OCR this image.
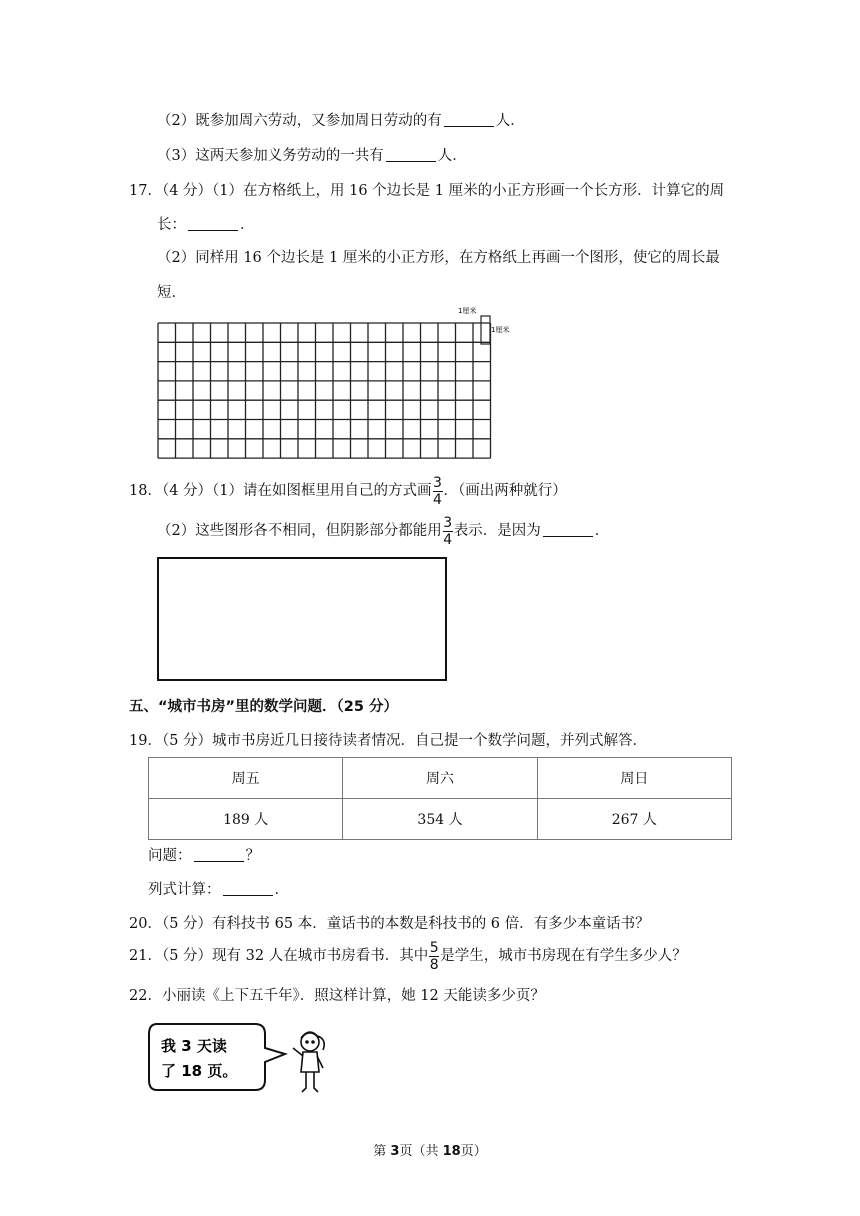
（2）既参加周六劳动，又参加周日劳动的有	人．
（3）这两天参加义务劳动的一共有	人．
17．（4 分）（1）在方格纸上，用 16 个边长是 1 厘米的小正方形画一个长方形．计算它的周
长：	．
（2）同样用 16 个边长是 1 厘米的小正方形，在方格纸上再画一个图形，使它的周长最
短．
1厘米
1厘米
18．（4 分）（1）请在如图框里用自己的方式画 $\frac{3}{4}$ ．（画出两种就行）
（2）这些图形各不相同，但阴影部分都能用 $\frac{3}{4}$ 表示．是因为	．
五、“城市书房”里的数学问题．（25 分）
19．（5 分）城市书房近几日接待读者情况．自己提一个数学问题，并列式解答．
周五	周六	周日
189 人	354 人	267 人
问题：	？
列式计算：	．
20．（5 分）有科技书 65 本．童话书的本数是科技书的 6 倍．有多少本童话书？
21．（5 分）现有 32 人在城市书房看书．其中 $\frac{5}{8}$ 是学生，城市书房现在有学生多少人？
22．小丽读《上下五千年》．照这样计算，她 12 天能读多少页？
我 3 天读
了 18 页。
第 3页（共 18页）
